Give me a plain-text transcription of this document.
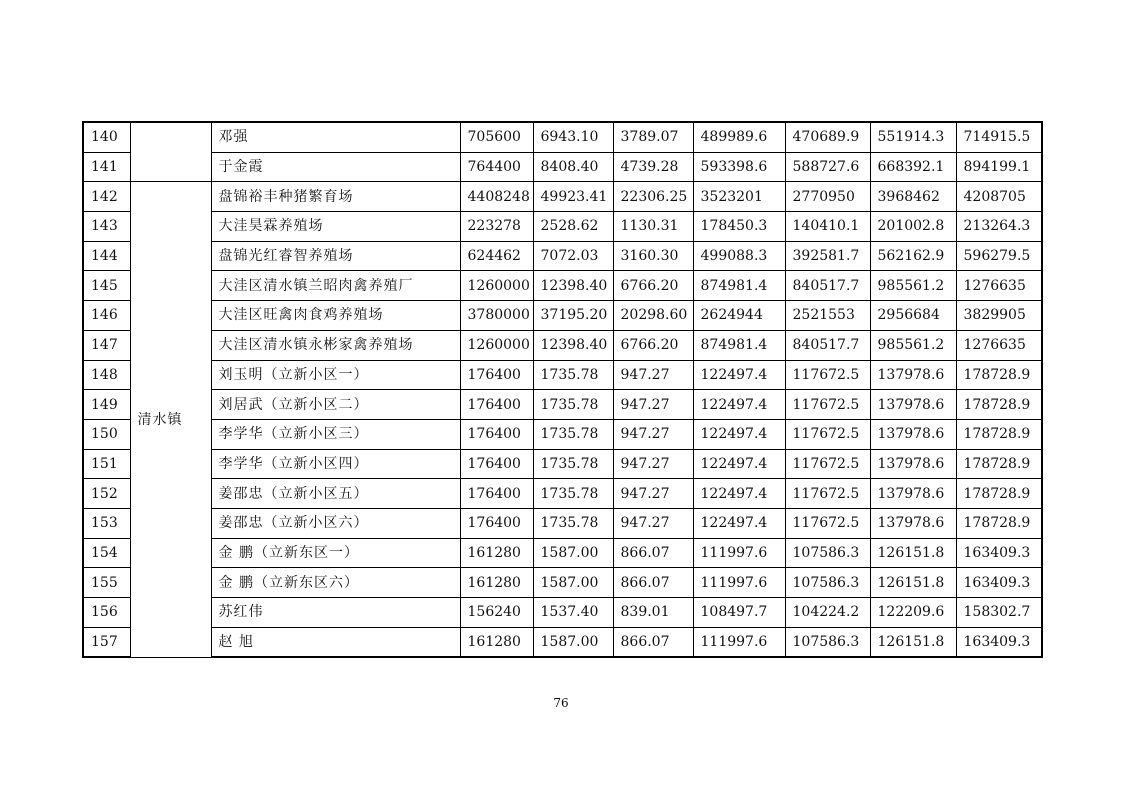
140		邓强	705600	6943.10	3789.07	489989.6	470689.9	551914.3	714915.5
141		于金霞	764400	8408.40	4739.28	593398.6	588727.6	668392.1	894199.1
142	清水镇	盘锦裕丰种猪繁育场	4408248	49923.41	22306.25	3523201	2770950	3968462	4208705
143		大洼昊霖养殖场	223278	2528.62	1130.31	178450.3	140410.1	201002.8	213264.3
144		盘锦光红睿智养殖场	624462	7072.03	3160.30	499088.3	392581.7	562162.9	596279.5
145		大洼区清水镇兰昭肉禽养殖厂	1260000	12398.40	6766.20	874981.4	840517.7	985561.2	1276635
146		大洼区旺禽肉食鸡养殖场	3780000	37195.20	20298.60	2624944	2521553	2956684	3829905
147		大洼区清水镇永彬家禽养殖场	1260000	12398.40	6766.20	874981.4	840517.7	985561.2	1276635
148		刘玉明（立新小区一）	176400	1735.78	947.27	122497.4	117672.5	137978.6	178728.9
149		刘居武（立新小区二）	176400	1735.78	947.27	122497.4	117672.5	137978.6	178728.9
150		李学华（立新小区三）	176400	1735.78	947.27	122497.4	117672.5	137978.6	178728.9
151		李学华（立新小区四）	176400	1735.78	947.27	122497.4	117672.5	137978.6	178728.9
152		姜邵忠（立新小区五）	176400	1735.78	947.27	122497.4	117672.5	137978.6	178728.9
153		姜邵忠（立新小区六）	176400	1735.78	947.27	122497.4	117672.5	137978.6	178728.9
154		金 鹏（立新东区一）	161280	1587.00	866.07	111997.6	107586.3	126151.8	163409.3
155		金 鹏（立新东区六）	161280	1587.00	866.07	111997.6	107586.3	126151.8	163409.3
156		苏红伟	156240	1537.40	839.01	108497.7	104224.2	122209.6	158302.7
157		赵 旭	161280	1587.00	866.07	111997.6	107586.3	126151.8	163409.3
76
